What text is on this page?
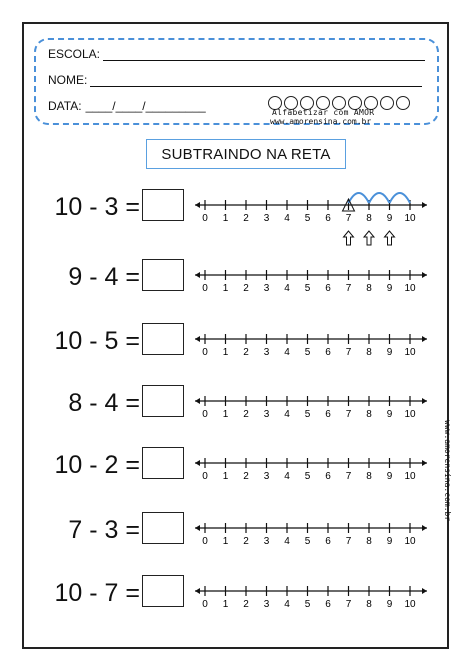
ESCOLA:
NOME:
DATA: ____/____/_________	Alfabetizar com AMOR
www.amorensina.com.br
SUBTRAINDO NA RETA
www.amorensina.com.br
10 - 3 =	0 1 2 3 4 5 6 7 8 9 10
9 - 4 =	0 1 2 3 4 5 6 7 8 9 10
10 - 5 =	0 1 2 3 4 5 6 7 8 9 10
8 - 4 =	0 1 2 3 4 5 6 7 8 9 10
10 - 2 =	0 1 2 3 4 5 6 7 8 9 10
7 - 3 =	0 1 2 3 4 5 6 7 8 9 10
10 - 7 =	0 1 2 3 4 5 6 7 8 9 10
